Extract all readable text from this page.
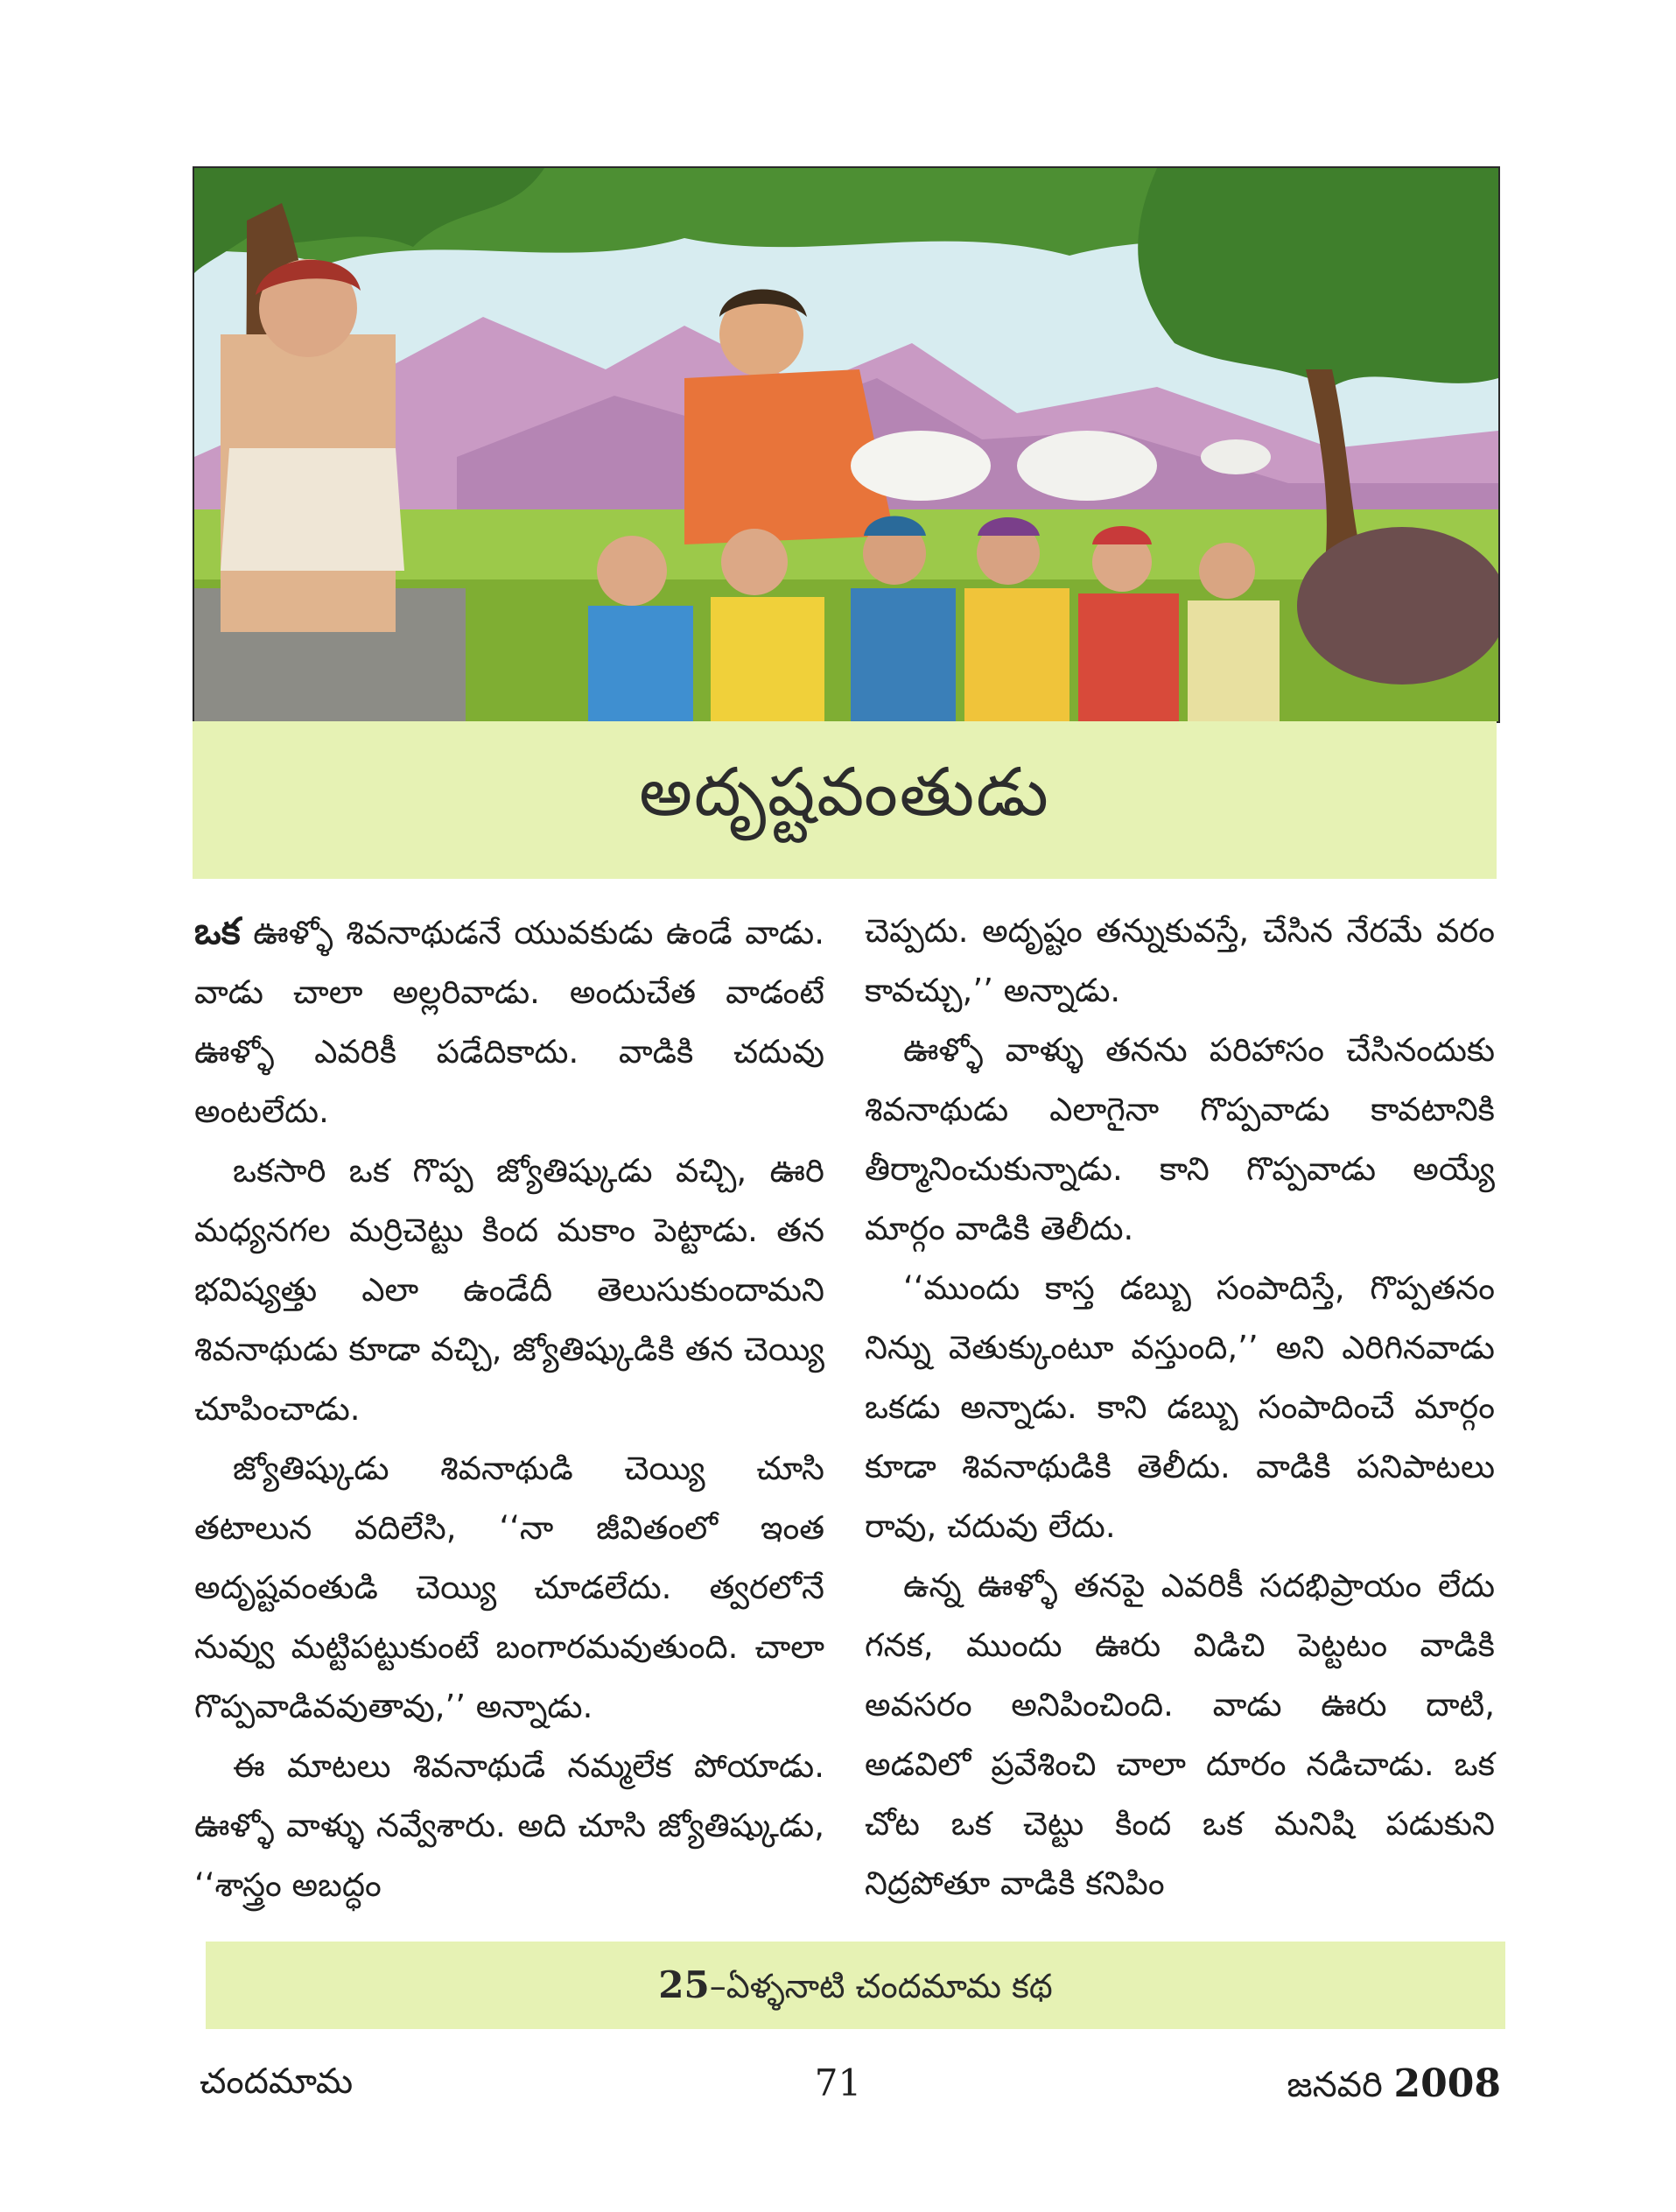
అదృష్టవంతుడు

ఒక ఊళ్ళో శివనాథుడనే యువకుడు ఉండే వాడు. వాడు చాలా అల్లరివాడు. అందుచేత వాడంటే ఊళ్ళో ఎవరికీ పడేదికాదు. వాడికి చదువు అంటలేదు.

ఒకసారి ఒక గొప్ప జ్యోతిష్కుడు వచ్చి, ఊరి మధ్యనగల మర్రిచెట్టు కింద మకాం పెట్టాడు. తన భవిష్యత్తు ఎలా ఉండేదీ తెలుసుకుందామని శివనాథుడు కూడా వచ్చి, జ్యోతిష్కుడికి తన చెయ్యి చూపించాడు.

జ్యోతిష్కుడు శివనాథుడి చెయ్యి చూసి తటాలున వదిలేసి, ‘‘నా జీవితంలో ఇంత అదృష్టవంతుడి చెయ్యి చూడలేదు. త్వరలోనే నువ్వు మట్టిపట్టుకుంటే బంగారమవుతుంది. చాలా గొప్పవాడివవుతావు,’’ అన్నాడు.

ఈ మాటలు శివనాథుడే నమ్మలేక పోయాడు. ఊళ్ళో వాళ్ళు నవ్వేశారు. అది చూసి జ్యోతిష్కుడు, ‘‘శాస్త్రం అబద్ధం

చెప్పదు. అదృష్టం తన్నుకువస్తే, చేసిన నేరమే వరం కావచ్చు,’’ అన్నాడు.

ఊళ్ళో వాళ్ళు తనను పరిహాసం చేసినందుకు శివనాథుడు ఎలాగైనా గొప్పవాడు కావటానికి తీర్మానించుకున్నాడు. కాని గొప్పవాడు అయ్యే మార్గం వాడికి తెలీదు.

‘‘ముందు కాస్త డబ్బు సంపాదిస్తే, గొప్పతనం నిన్ను వెతుక్కుంటూ వస్తుంది,’’ అని ఎరిగినవాడు ఒకడు అన్నాడు. కాని డబ్బు సంపాదించే మార్గం కూడా శివనాథుడికి తెలీదు. వాడికి పనిపాటలు రావు, చదువు లేదు.

ఉన్న ఊళ్ళో తనపై ఎవరికీ సదభిప్రాయం లేదు గనక, ముందు ఊరు విడిచి పెట్టటం వాడికి అవసరం అనిపించింది. వాడు ఊరు దాటి, అడవిలో ప్రవేశించి చాలా దూరం నడిచాడు. ఒక చోట ఒక చెట్టు కింద ఒక మనిషి పడుకుని నిద్రపోతూ వాడికి కనిపిం

25–ఏళ్ళనాటి చందమామ కథ
చందమామ	71	జనవరి 2008
